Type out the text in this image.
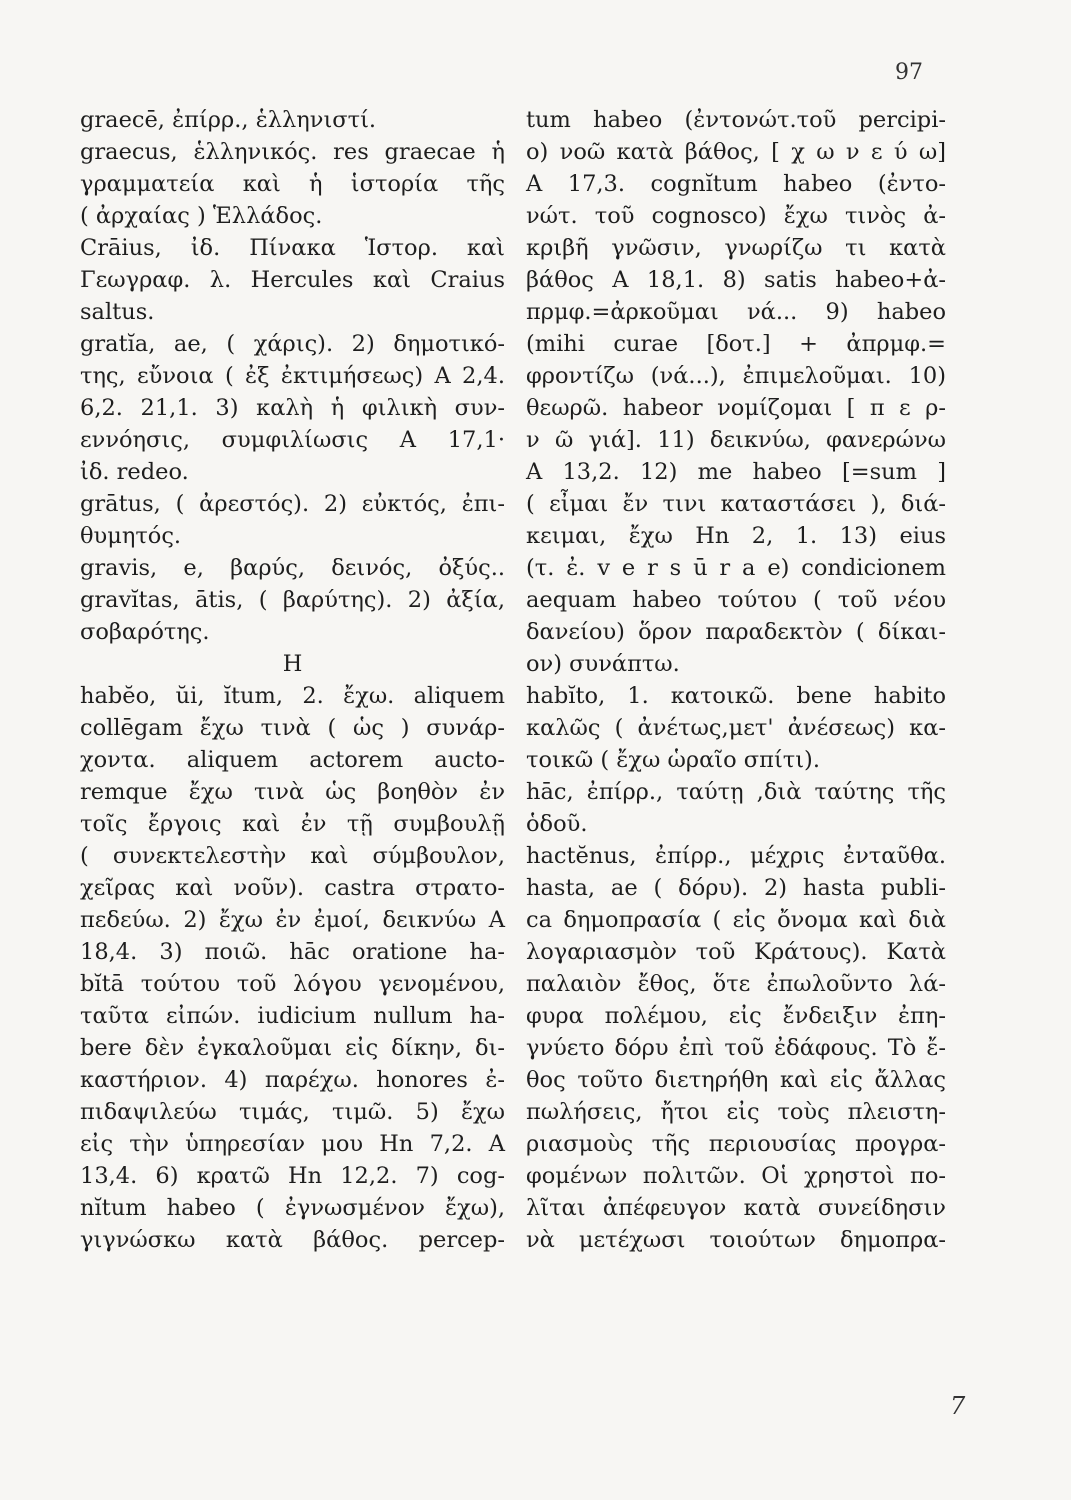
97
graecē, ἐπίρρ., ἑλληνιστί.
graecus, ἑλληνικός. res graecae ἡ
γραμματεία καὶ ἡ ἱστορία τῆς
( ἀρχαίας ) Ἑλλάδος.
Crāius, ἰδ. Πίνακα Ἱστορ. καὶ
Γεωγραφ. λ. Hercules καὶ Craius
saltus.
gratĭa, ae, ( χάρις). 2) δημοτικό-
της, εὔνοια ( ἐξ ἐκτιμήσεως) A 2,4.
6,2. 21,1. 3) καλὴ ἡ φιλικὴ συν-
εννόησις, συμφιλίωσις A 17,1·
ἰδ. redeo.
grātus, ( ἀρεστός). 2) εὐκτός, ἐπι-
θυμητός.
gravis, e, βαρύς, δεινός, ὀξύς..
gravĭtas, ātis, ( βαρύτης). 2) ἀξία,
σοβαρότης.
H
habĕo, ŭi, ĭtum, 2. ἔχω. aliquem
collēgam ἔχω τινὰ ( ὡς ) συνάρ-
χοντα. aliquem actorem aucto-
remque ἔχω τινὰ ὡς βοηθὸν ἐν
τοῖς ἔργοις καὶ ἐν τῇ συμβουλῇ
( συνεκτελεστὴν καὶ σύμβουλον,
χεῖρας καὶ νοῦν). castra στρατο-
πεδεύω. 2) ἔχω ἐν ἐμοί, δεικνύω A
18,4. 3) ποιῶ. hāc oratione ha-
bĭtā τούτου τοῦ λόγου γενομένου,
ταῦτα εἰπών. iudicium nullum ha-
bere δὲν ἐγκαλοῦμαι εἰς δίκην, δι-
καστήριον. 4) παρέχω. honores ἐ-
πιδαψιλεύω τιμάς, τιμῶ. 5) ἔχω
εἰς τὴν ὑπηρεσίαν μου Hn 7,2. A
13,4. 6) κρατῶ Hn 12,2. 7) cog-
nĭtum habeo ( ἐγνωσμένον ἔχω),
γιγνώσκω κατὰ βάθος. percep-
tum habeo (ἐντονώτ.τοῦ percipi-
o) νοῶ κατὰ βάθος, [ χ ω ν ε ύ ω]
A 17,3. cognĭtum habeo (ἐντο-
νώτ. τοῦ cognosco) ἔχω τινὸς ἀ-
κριβῆ γνῶσιν, γνωρίζω τι κατὰ
βάθος A 18,1. 8) satis habeo+ἀ-
πρμφ.=ἀρκοῦμαι νά... 9) habeo
(mihi curae [δοτ.] + ἀπρμφ.=
φροντίζω (νά...), ἐπιμελοῦμαι. 10)
θεωρῶ. habeor νομίζομαι [ π ε ρ-
ν ῶ γιά]. 11) δεικνύω, φανερώνω
A 13,2. 12) me habeo [=sum ]
( εἶμαι ἔν τινι καταστάσει ), διά-
κειμαι, ἔχω Hn 2, 1. 13) eius
(τ. ἐ. v e r s ū r a e) condicionem
aequam habeo τούτου ( τοῦ νέου
δανείου) ὅρον παραδεκτὸν ( δίκαι-
ον) συνάπτω.
habĭto, 1. κατοικῶ. bene habito
καλῶς ( ἀνέτως,μετ' ἀνέσεως) κα-
τοικῶ ( ἔχω ὡραῖο σπίτι).
hāc, ἐπίρρ., ταύτῃ ,διὰ ταύτης τῆς
ὁδοῦ.
hactĕnus, ἐπίρρ., μέχρις ἐνταῦθα.
hasta, ae ( δόρυ). 2) hasta publi-
ca δημοπρασία ( εἰς ὄνομα καὶ διὰ
λογαριασμὸν τοῦ Κράτους). Κατὰ
παλαιὸν ἔθος, ὅτε ἐπωλοῦντο λά-
φυρα πολέμου, εἰς ἔνδειξιν ἐπη-
γνύετο δόρυ ἐπὶ τοῦ ἐδάφους. Τὸ ἔ-
θος τοῦτο διετηρήθη καὶ εἰς ἄλλας
πωλήσεις, ἤτοι εἰς τοὺς πλειστη-
ριασμοὺς τῆς περιουσίας προγρα-
φομένων πολιτῶν. Οἱ χρηστοὶ πο-
λῖται ἀπέφευγον κατὰ συνείδησιν
νὰ μετέχωσι τοιούτων δημοπρα-
7
